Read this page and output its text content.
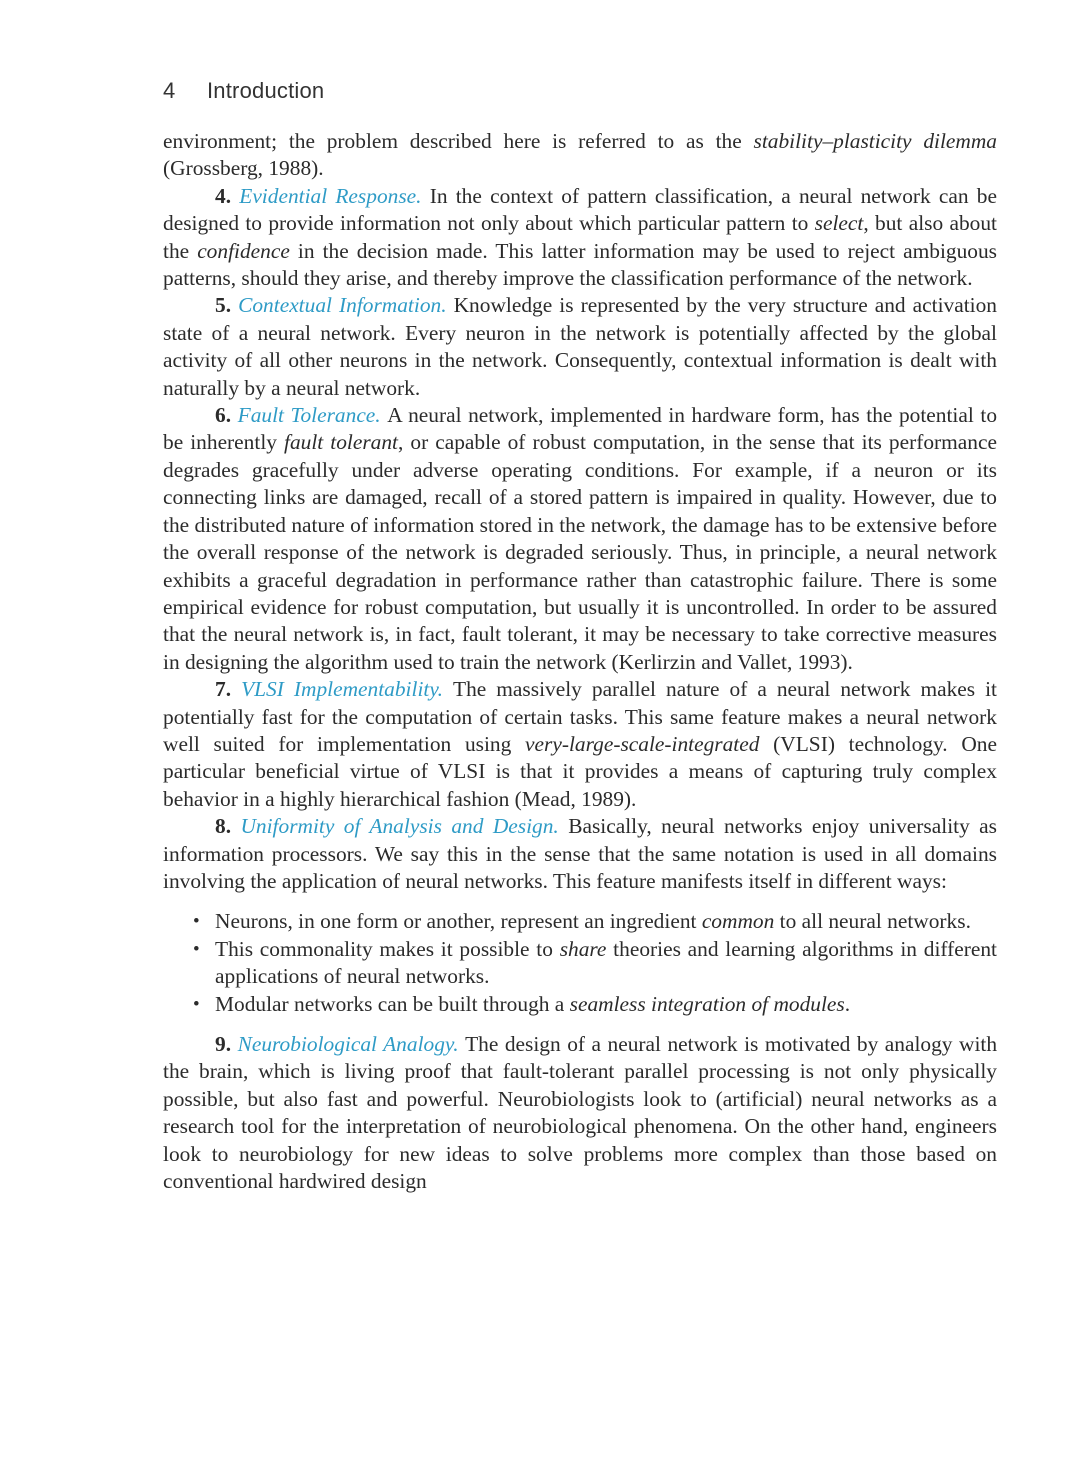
4 Introduction

environment; the problem described here is referred to as the stability–plasticity dilemma (Grossberg, 1988).

4. Evidential Response. In the context of pattern classification, a neural network can be designed to provide information not only about which particular pattern to select, but also about the confidence in the decision made. This latter information may be used to reject ambiguous patterns, should they arise, and thereby improve the classification performance of the network.

5. Contextual Information. Knowledge is represented by the very structure and activation state of a neural network. Every neuron in the network is potentially affected by the global activity of all other neurons in the network. Consequently, contextual information is dealt with naturally by a neural network.

6. Fault Tolerance. A neural network, implemented in hardware form, has the potential to be inherently fault tolerant, or capable of robust computation, in the sense that its performance degrades gracefully under adverse operating conditions. For example, if a neuron or its connecting links are damaged, recall of a stored pattern is impaired in quality. However, due to the distributed nature of information stored in the network, the damage has to be extensive before the overall response of the network is degraded seriously. Thus, in principle, a neural network exhibits a graceful degradation in performance rather than catastrophic failure. There is some empirical evidence for robust computation, but usually it is uncontrolled. In order to be assured that the neural network is, in fact, fault tolerant, it may be necessary to take corrective measures in designing the algorithm used to train the network (Kerlirzin and Vallet, 1993).

7. VLSI Implementability. The massively parallel nature of a neural network makes it potentially fast for the computation of certain tasks. This same feature makes a neural network well suited for implementation using very-large-scale-integrated (VLSI) technology. One particular beneficial virtue of VLSI is that it provides a means of capturing truly complex behavior in a highly hierarchical fashion (Mead, 1989).

8. Uniformity of Analysis and Design. Basically, neural networks enjoy universality as information processors. We say this in the sense that the same notation is used in all domains involving the application of neural networks. This feature manifests itself in different ways:

• Neurons, in one form or another, represent an ingredient common to all neural networks.
• This commonality makes it possible to share theories and learning algorithms in different applications of neural networks.
• Modular networks can be built through a seamless integration of modules.

9. Neurobiological Analogy. The design of a neural network is motivated by analogy with the brain, which is living proof that fault-tolerant parallel processing is not only physically possible, but also fast and powerful. Neurobiologists look to (artificial) neural networks as a research tool for the interpretation of neurobiological phenomena. On the other hand, engineers look to neurobiology for new ideas to solve problems more complex than those based on conventional hardwired design
